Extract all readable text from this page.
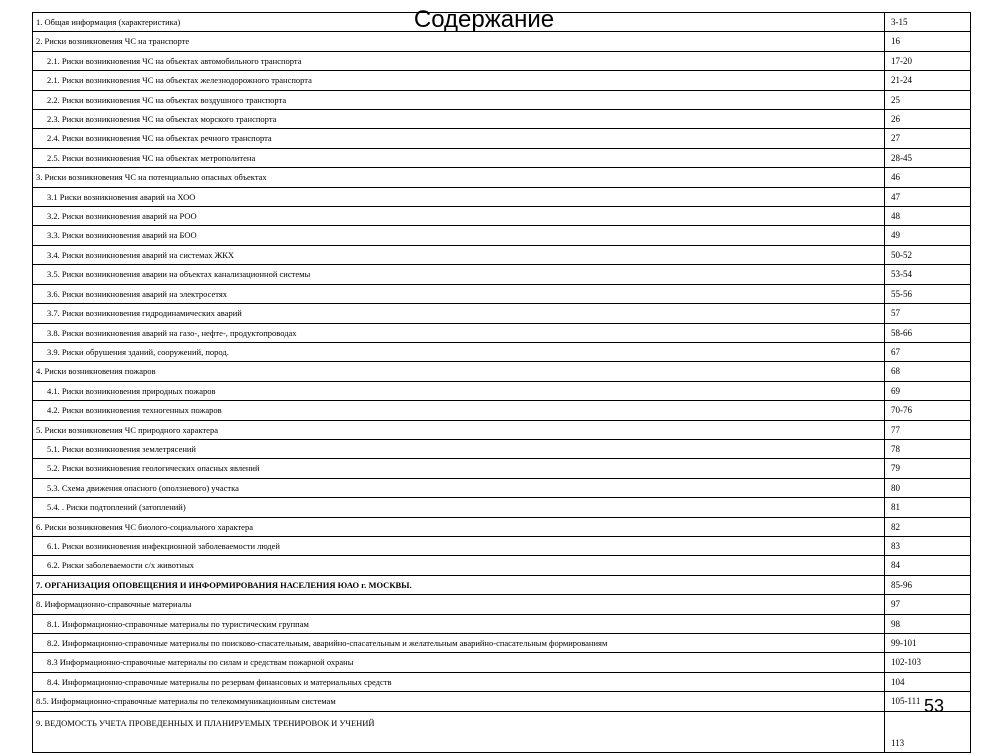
Содержание
1. Общая информация (характеристика)	3-15
2. Риски возникновения ЧС на транспорте	16
2.1. Риски возникновения ЧС на объектах автомобильного транспорта	17-20
2.1. Риски возникновения ЧС на объектах железнодорожного транспорта	21-24
2.2. Риски возникновения ЧС на объектах воздушного транспорта	25
2.3. Риски возникновения ЧС на объектах морского транспорта	26
2.4. Риски возникновения ЧС на объектах речного транспорта	27
2.5. Риски возникновения ЧС на объектах метрополитена	28-45
3. Риски возникновения ЧС на потенциально опасных объектах	46
3.1 Риски возникновения аварий на ХОО	47
3.2. Риски возникновения аварий на РОО	48
3.3. Риски возникновения аварий на БОО	49
3.4. Риски возникновения аварий на системах ЖКХ	50-52
3.5. Риски возникновения аварии на объектах канализационной системы	53-54
3.6. Риски возникновения аварий на электросетях	55-56
3.7. Риски возникновения гидродинамических аварий	57
3.8. Риски возникновения аварий на газо-, нефте-, продуктопроводах	58-66
3.9. Риски обрушения зданий, сооружений, пород.	67
4. Риски возникновения пожаров	68
4.1. Риски возникновения природных пожаров	69
4.2. Риски возникновения техногенных пожаров	70-76
5. Риски возникновения ЧС природного характера	77
5.1. Риски возникновения землетрясений	78
5.2. Риски возникновения геологических опасных явлений	79
5.3. Схема движения опасного (оползневого) участка	80
5.4. . Риски подтоплений (затоплений)	81
6. Риски возникновения ЧС биолого-социального характера	82
6.1. Риски возникновения инфекционной заболеваемости людей	83
6.2. Риски заболеваемости с/х животных	84
7. ОРГАНИЗАЦИЯ ОПОВЕЩЕНИЯ И ИНФОРМИРОВАНИЯ НАСЕЛЕНИЯ ЮАО г. МОСКВЫ.	85-96
8. Информационно-справочные материалы	97
8.1. Информационно-справочные материалы по туристическим группам	98
8.2. Информационно-справочные материалы по поисково-спасательным, аварийно-спасательным и желательным аварийно-спасательным формированиям	99-101
8.3 Информационно-справочные материалы по силам и средствам пожарной охраны	102-103
8.4. Информационно-справочные материалы по резервам финансовых и материальных средств	104
8.5. Информационно-справочные материалы по телекоммуникационным системам	105-111
9. ВЕДОМОСТЬ УЧЕТА ПРОВЕДЕННЫХ И ПЛАНИРУЕМЫХ ТРЕНИРОВОК И УЧЕНИЙ	113
53
